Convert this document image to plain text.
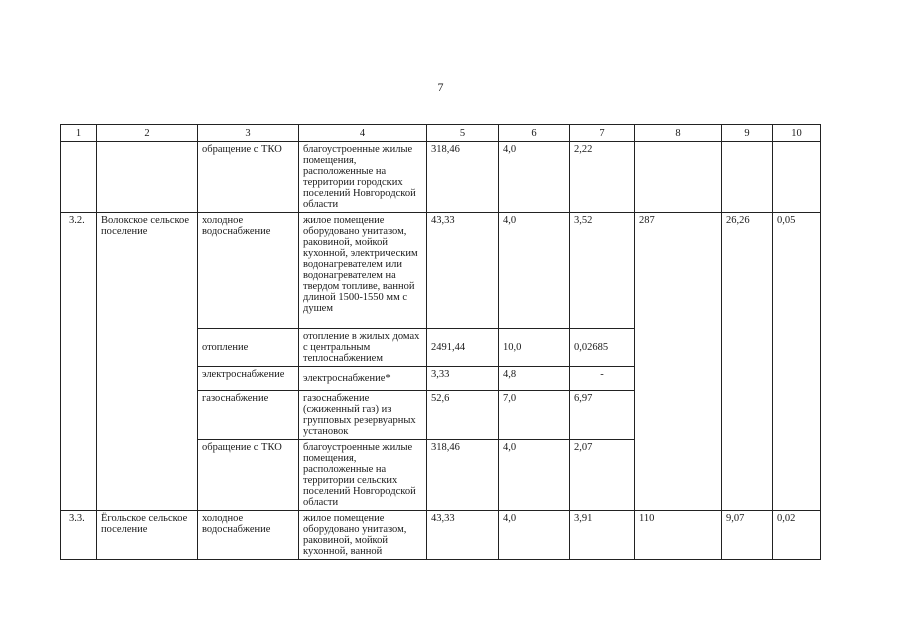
7
1	2	3	4	5	6	7	8	9	10
		обращение с ТКО	благоустроенные жилые помещения, расположенные на территории городских поселений Новгородской области	318,46	4,0	2,22			
3.2.	Волокское сельское поселение	холодное водоснабжение	жилое помещение оборудовано унитазом, раковиной, мойкой кухонной, электрическим водонагревателем или водонагревателем на твердом топливе, ванной длиной 1500-1550 мм с душем	43,33	4,0	3,52	287	26,26	0,05
		отопление	отопление в жилых домах с центральным теплоснабжением	2491,44	10,0	0,02685			
		электроснабжение	электроснабжение*	3,33	4,8	-			
		газоснабжение	газоснабжение (сжиженный газ) из групповых резервуарных установок	52,6	7,0	6,97			
		обращение с ТКО	благоустроенные жилые помещения, расположенные на территории сельских поселений Новгородской области	318,46	4,0	2,07			
3.3.	Ёгольское сельское поселение	холодное водоснабжение	жилое помещение оборудовано унитазом, раковиной, мойкой кухонной, ванной	43,33	4,0	3,91	110	9,07	0,02
